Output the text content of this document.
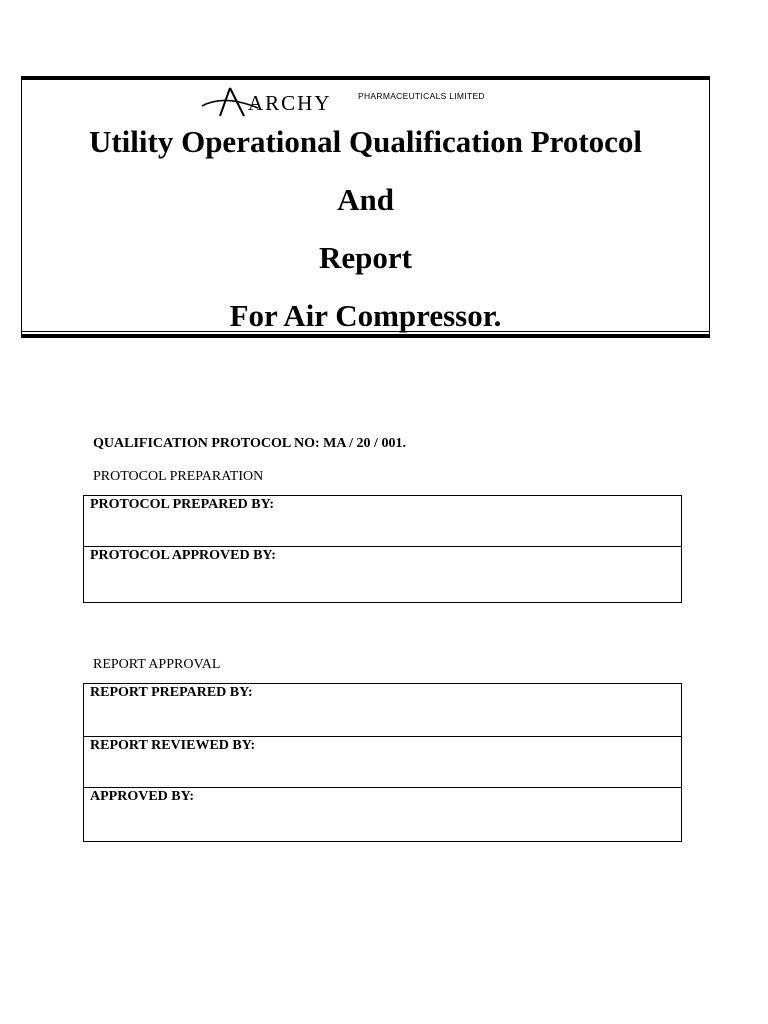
ARCHY	PHARMACEUTICALS LIMITED
Utility Operational Qualification Protocol
And
Report
For Air Compressor.
QUALIFICATION PROTOCOL NO: MA / 20 / 001.
PROTOCOL PREPARATION
PROTOCOL PREPARED BY:
PROTOCOL APPROVED BY:
REPORT APPROVAL
REPORT PREPARED BY:
REPORT REVIEWED BY:
APPROVED BY:
